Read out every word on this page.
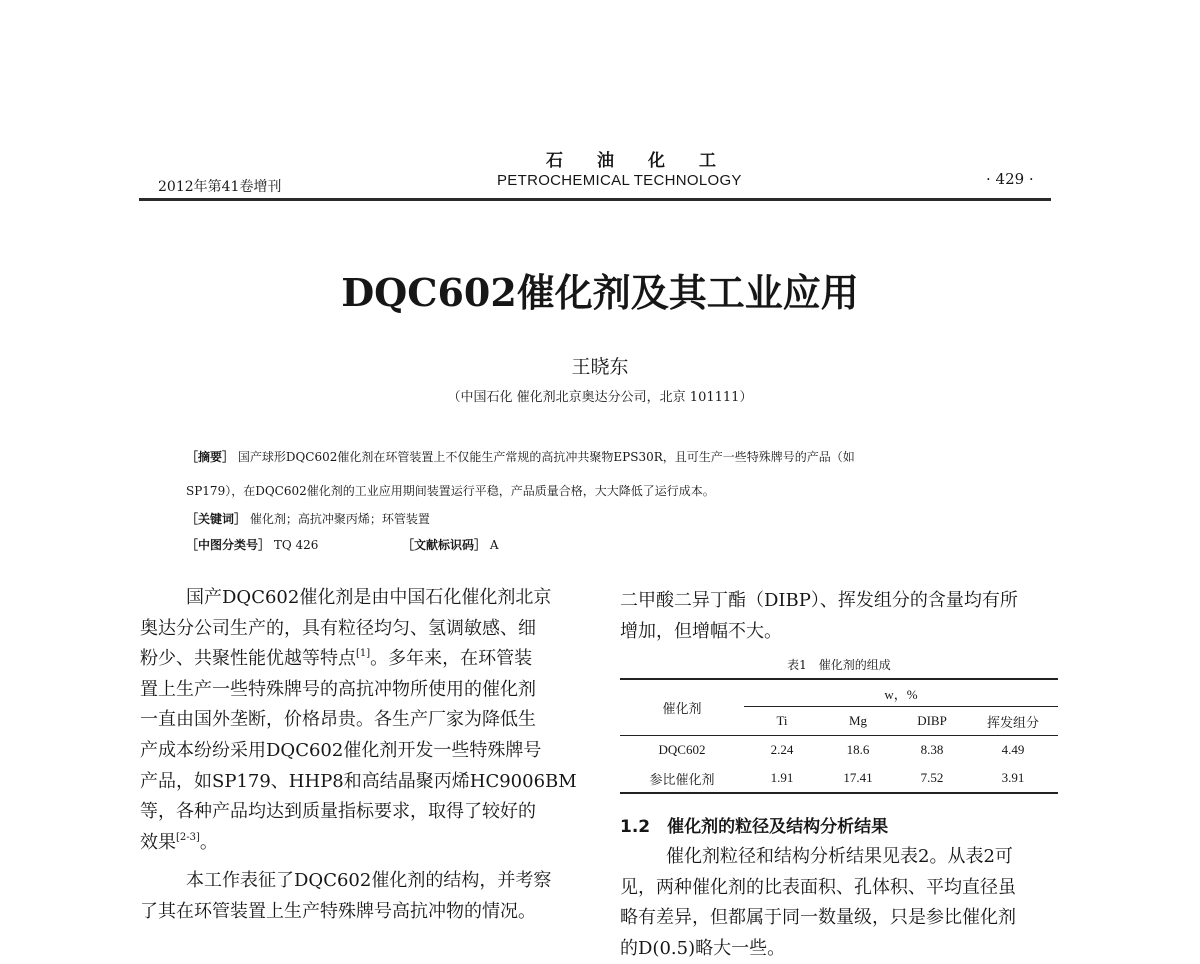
石油化工
PETROCHEMICAL TECHNOLOGY
2012年第41卷增刊	· 429 ·
DQC602催化剂及其工业应用
王晓东
（中国石化 催化剂北京奥达分公司，北京 101111）
［摘要］ 国产球形DQC602催化剂在环管装置上不仅能生产常规的高抗冲共聚物EPS30R，且可生产一些特殊牌号的产品（如
SP179），在DQC602催化剂的工业应用期间装置运行平稳，产品质量合格，大大降低了运行成本。
［关键词］ 催化剂；高抗冲聚丙烯；环管装置
［中图分类号］ TQ 426	［文献标识码］ A
国产DQC602催化剂是由中国石化催化剂北京
奥达分公司生产的，具有粒径均匀、氢调敏感、细
粉少、共聚性能优越等特点[1]。多年来，在环管装
置上生产一些特殊牌号的高抗冲物所使用的催化剂
一直由国外垄断，价格昂贵。各生产厂家为降低生
产成本纷纷采用DQC602催化剂开发一些特殊牌号
产品，如SP179、HHP8和高结晶聚丙烯HC9006BM
等，各种产品均达到质量指标要求，取得了较好的
效果[2-3]。
本工作表征了DQC602催化剂的结构，并考察
了其在环管装置上生产特殊牌号高抗冲物的情况。
二甲酸二异丁酯（DIBP）、挥发组分的含量均有所
增加，但增幅不大。
表1　催化剂的组成
催化剂	w，%			
	Ti	Mg	DIBP	挥发组分
DQC602	2.24	18.6	8.38	4.49
参比催化剂	1.91	17.41	7.52	3.91
1.2　催化剂的粒径及结构分析结果
催化剂粒径和结构分析结果见表2。从表2可
见，两种催化剂的比表面积、孔体积、平均直径虽
略有差异，但都属于同一数量级，只是参比催化剂
的D(0.5)略大一些。
